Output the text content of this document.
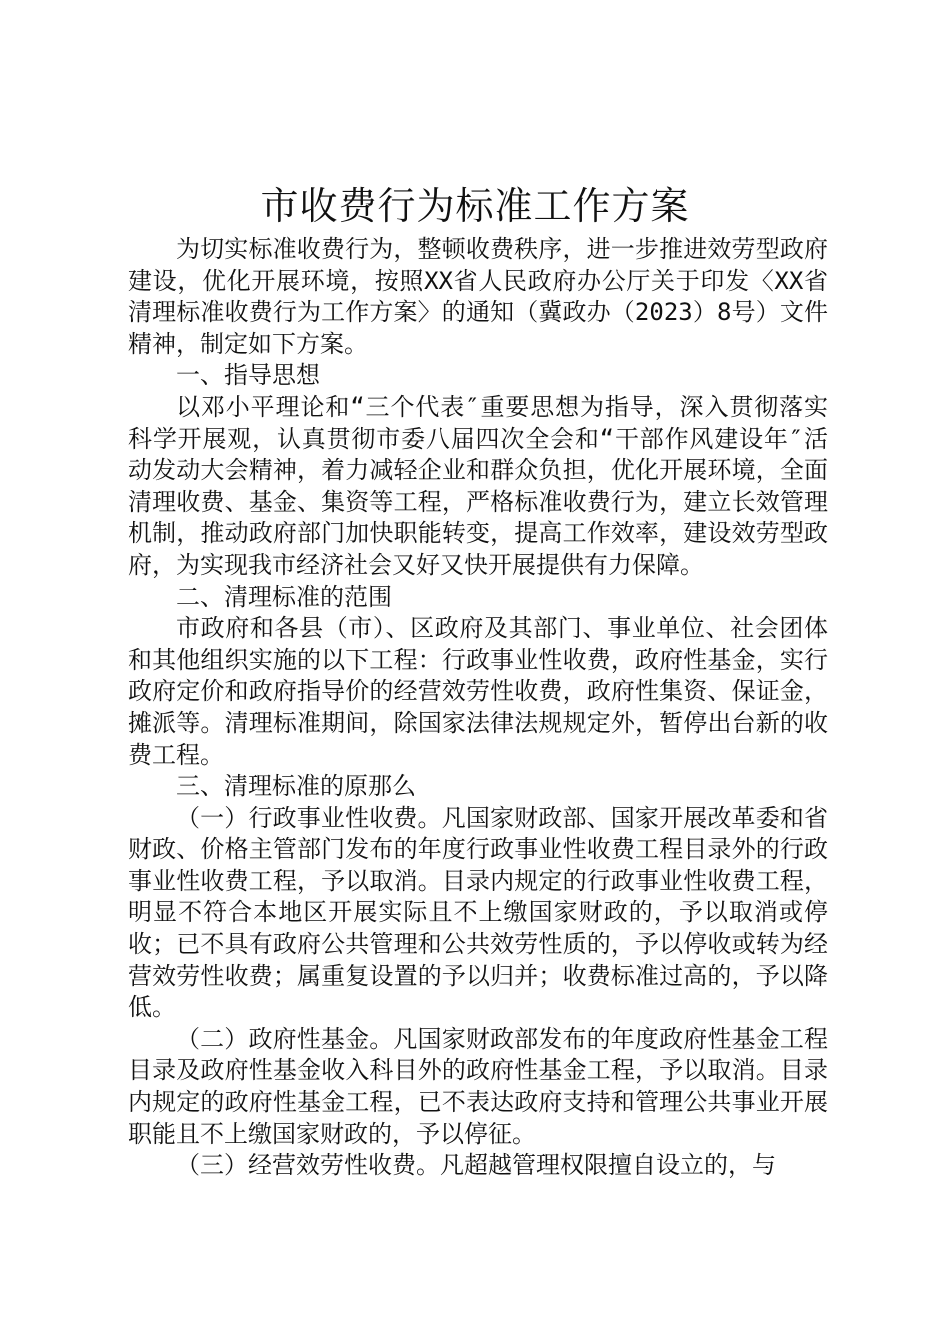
市收费行为标准工作方案

为切实标准收费行为，整顿收费秩序，进一步推进效劳型政府建设，优化开展环境，按照XX省人民政府办公厅关于印发〈XX省清理标准收费行为工作方案〉的通知（冀政办（2023）8号）文件精神，制定如下方案。

一、指导思想

以邓小平理论和“三个代表″重要思想为指导，深入贯彻落实科学开展观，认真贯彻市委八届四次全会和“干部作风建设年″活动发动大会精神，着力减轻企业和群众负担，优化开展环境，全面清理收费、基金、集资等工程，严格标准收费行为，建立长效管理机制，推动政府部门加快职能转变，提高工作效率，建设效劳型政府，为实现我市经济社会又好又快开展提供有力保障。

二、清理标准的范围

市政府和各县（市）、区政府及其部门、事业单位、社会团体和其他组织实施的以下工程：行政事业性收费，政府性基金，实行政府定价和政府指导价的经营效劳性收费，政府性集资、保证金，摊派等。清理标准期间，除国家法律法规规定外，暂停出台新的收费工程。

三、清理标准的原那么

（一）行政事业性收费。凡国家财政部、国家开展改革委和省财政、价格主管部门发布的年度行政事业性收费工程目录外的行政事业性收费工程，予以取消。目录内规定的行政事业性收费工程，明显不符合本地区开展实际且不上缴国家财政的，予以取消或停收；已不具有政府公共管理和公共效劳性质的，予以停收或转为经营效劳性收费；属重复设置的予以归并；收费标准过高的，予以降低。

（二）政府性基金。凡国家财政部发布的年度政府性基金工程目录及政府性基金收入科目外的政府性基金工程，予以取消。目录内规定的政府性基金工程，已不表达政府支持和管理公共事业开展职能且不上缴国家财政的，予以停征。

（三）经营效劳性收费。凡超越管理权限擅自设立的，与
